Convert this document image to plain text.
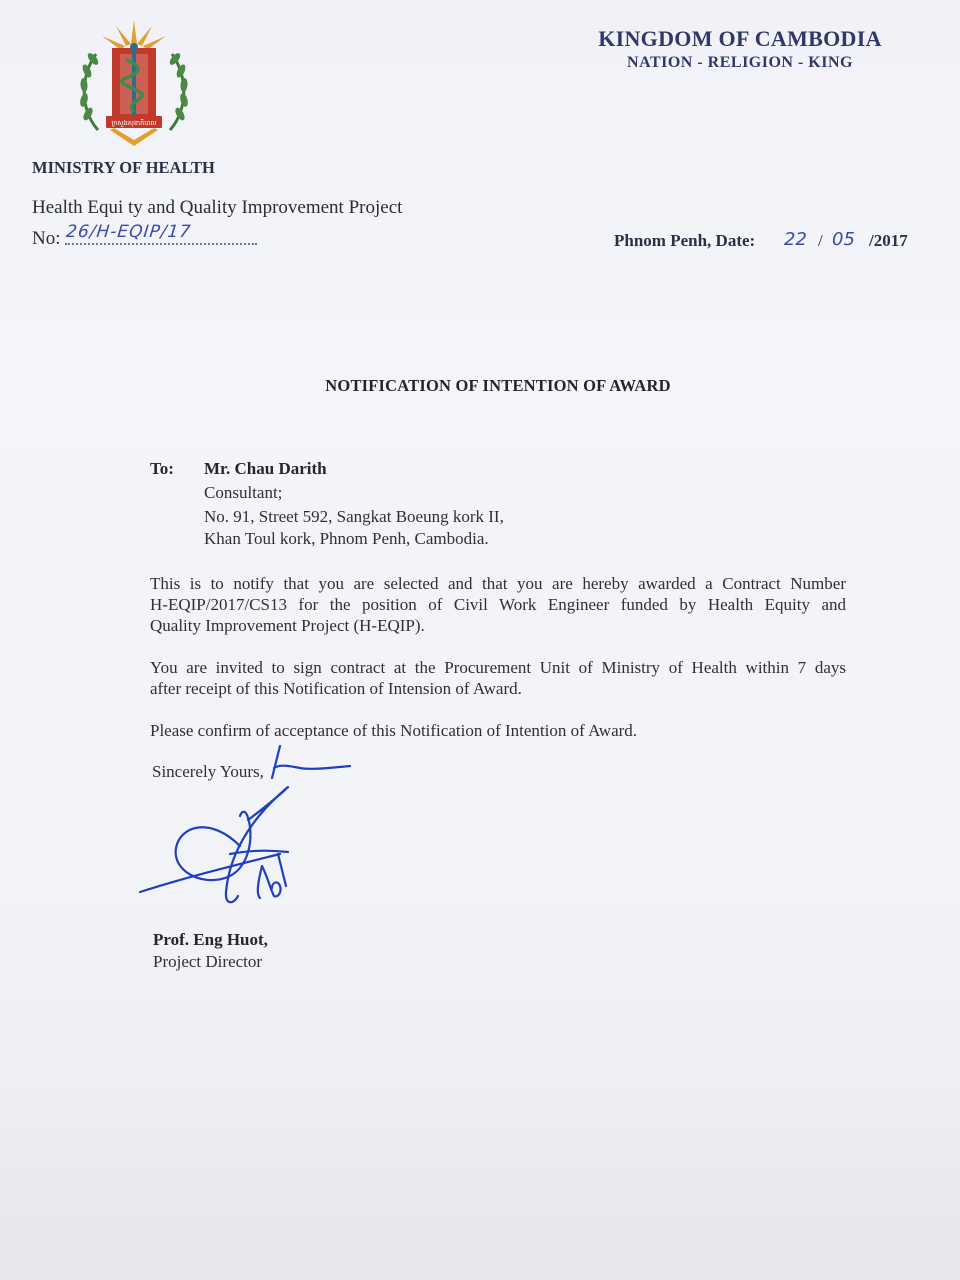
ក្រសួងសុខាភិបាល
KINGDOM OF CAMBODIA
NATION - RELIGION - KING
MINISTRY OF HEALTH
Health Equi ty and Quality Improvement Project
No: 26/H-EQIP/17	Phnom Penh, Date: 22 / 05 /2017
NOTIFICATION OF INTENTION OF AWARD
To: Mr. Chau Darith
Consultant;
No. 91, Street 592, Sangkat Boeung kork II,
Khan Toul kork, Phnom Penh, Cambodia.
This is to notify that you are selected and that you are hereby awarded a Contract Number
H-EQIP/2017/CS13 for the position of Civil Work Engineer funded by Health Equity and
Quality Improvement Project (H-EQIP).
You are invited to sign contract at the Procurement Unit of Ministry of Health within 7 days
after receipt of this Notification of Intension of Award.
Please confirm of acceptance of this Notification of Intention of Award.
Sincerely Yours,
Prof. Eng Huot,
Project Director
